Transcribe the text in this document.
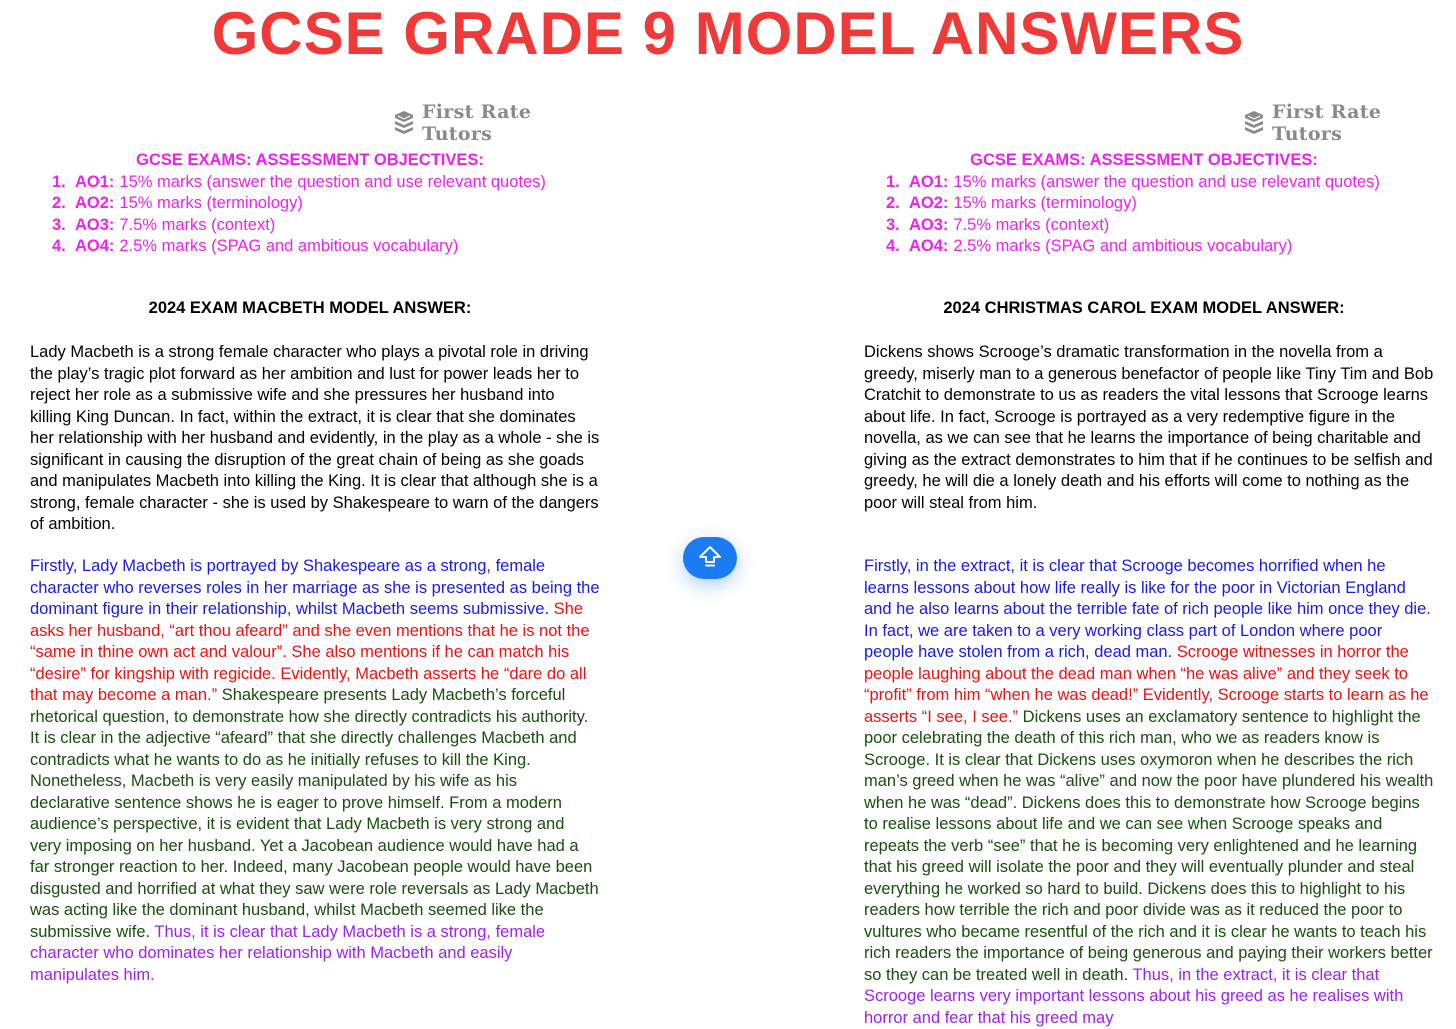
GCSE GRADE 9 MODEL ANSWERS
First Rate Tutors
GCSE EXAMS: ASSESSMENT OBJECTIVES:
1. AO1: 15% marks (answer the question and use relevant quotes)
2. AO2: 15% marks (terminology)
3. AO3: 7.5% marks (context)
4. AO4: 2.5% marks (SPAG and ambitious vocabulary)
2024 EXAM MACBETH MODEL ANSWER:

Lady Macbeth is a strong female character who plays a pivotal role in driving the play’s tragic plot forward as her ambition and lust for power leads her to reject her role as a submissive wife and she pressures her husband into killing King Duncan. In fact, within the extract, it is clear that she dominates her relationship with her husband and evidently, in the play as a whole - she is significant in causing the disruption of the great chain of being as she goads and manipulates Macbeth into killing the King. It is clear that although she is a strong, female character - she is used by Shakespeare to warn of the dangers of ambition.

Firstly, Lady Macbeth is portrayed by Shakespeare as a strong, female character who reverses roles in her marriage as she is presented as being the dominant figure in their relationship, whilst Macbeth seems submissive. She asks her husband, “art thou afeard” and she even mentions that he is not the “same in thine own act and valour”. She also mentions if he can match his “desire” for kingship with regicide. Evidently, Macbeth asserts he “dare do all that may become a man.” Shakespeare presents Lady Macbeth’s forceful rhetorical question, to demonstrate how she directly contradicts his authority. It is clear in the adjective “afeard” that she directly challenges Macbeth and contradicts what he wants to do as he initially refuses to kill the King. Nonetheless, Macbeth is very easily manipulated by his wife as his declarative sentence shows he is eager to prove himself. From a modern audience’s perspective, it is evident that Lady Macbeth is very strong and very imposing on her husband. Yet a Jacobean audience would have had a far stronger reaction to her. Indeed, many Jacobean people would have been disgusted and horrified at what they saw were role reversals as Lady Macbeth was acting like the dominant husband, whilst Macbeth seemed like the submissive wife. Thus, it is clear that Lady Macbeth is a strong, female character who dominates her relationship with Macbeth and easily manipulates him.

First Rate Tutors
GCSE EXAMS: ASSESSMENT OBJECTIVES:
1. AO1: 15% marks (answer the question and use relevant quotes)
2. AO2: 15% marks (terminology)
3. AO3: 7.5% marks (context)
4. AO4: 2.5% marks (SPAG and ambitious vocabulary)
2024 CHRISTMAS CAROL EXAM MODEL ANSWER:

Dickens shows Scrooge’s dramatic transformation in the novella from a greedy, miserly man to a generous benefactor of people like Tiny Tim and Bob Cratchit to demonstrate to us as readers the vital lessons that Scrooge learns about life. In fact, Scrooge is portrayed as a very redemptive figure in the novella, as we can see that he learns the importance of being charitable and giving as the extract demonstrates to him that if he continues to be selfish and greedy, he will die a lonely death and his efforts will come to nothing as the poor will steal from him.

Firstly, in the extract, it is clear that Scrooge becomes horrified when he learns lessons about how life really is like for the poor in Victorian England and he also learns about the terrible fate of rich people like him once they die. In fact, we are taken to a very working class part of London where poor people have stolen from a rich, dead man. Scrooge witnesses in horror the people laughing about the dead man when “he was alive” and they seek to “profit” from him “when he was dead!” Evidently, Scrooge starts to learn as he asserts “I see, I see.” Dickens uses an exclamatory sentence to highlight the poor celebrating the death of this rich man, who we as readers know is Scrooge. It is clear that Dickens uses oxymoron when he describes the rich man’s greed when he was “alive” and now the poor have plundered his wealth when he was “dead”. Dickens does this to demonstrate how Scrooge begins to realise lessons about life and we can see when Scrooge speaks and repeats the verb “see” that he is becoming very enlightened and he learning that his greed will isolate the poor and they will eventually plunder and steal everything he worked so hard to build. Dickens does this to highlight to his readers how terrible the rich and poor divide was as it reduced the poor to vultures who became resentful of the rich and it is clear he wants to teach his rich readers the importance of being generous and paying their workers better so they can be treated well in death. Thus, in the extract, it is clear that Scrooge learns very important lessons about his greed as he realises with horror and fear that his greed may
